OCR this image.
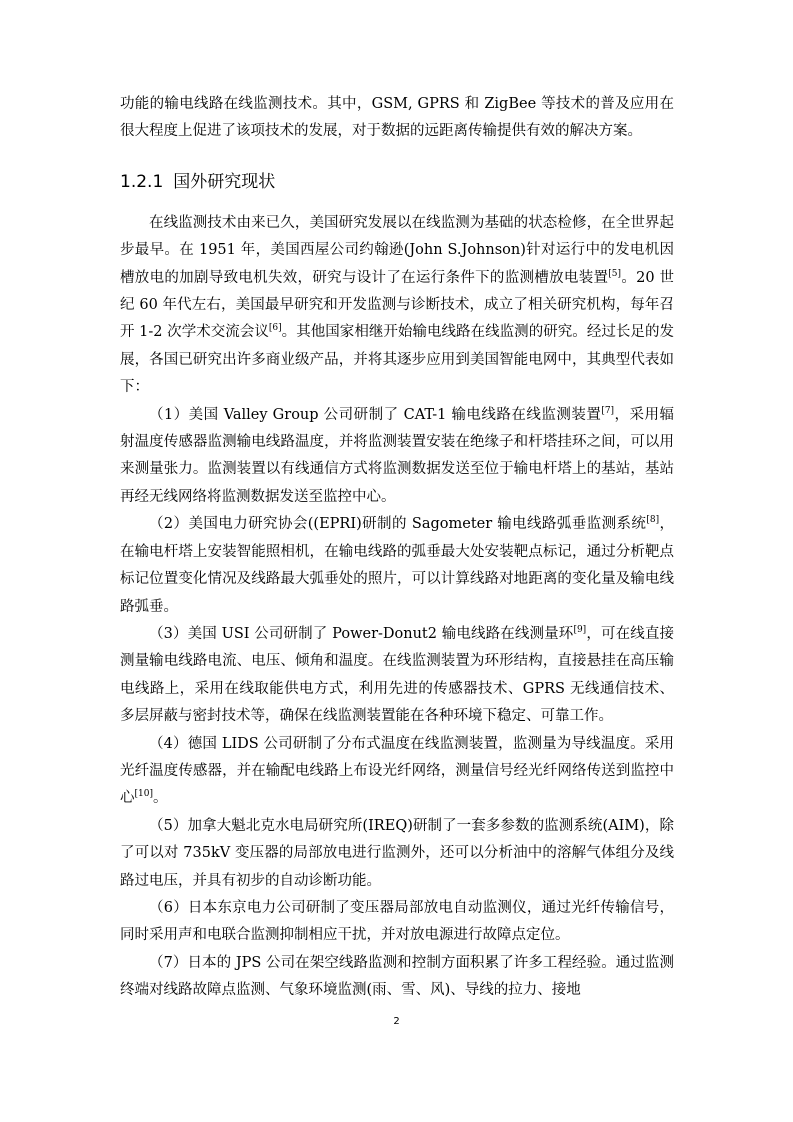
功能的输电线路在线监测技术。其中，GSM, GPRS 和 ZigBee 等技术的普及应用在很大程度上促进了该项技术的发展，对于数据的远距离传输提供有效的解决方案。

1.2.1 国外研究现状

在线监测技术由来已久，美国研究发展以在线监测为基础的状态检修，在全世界起步最早。在 1951 年，美国西屋公司约翰逊(John S.Johnson)针对运行中的发电机因槽放电的加剧导致电机失效，研究与设计了在运行条件下的监测槽放电装置[5]。20 世纪 60 年代左右，美国最早研究和开发监测与诊断技术，成立了相关研究机构，每年召开 1-2 次学术交流会议[6]。其他国家相继开始输电线路在线监测的研究。经过长足的发展，各国已研究出许多商业级产品，并将其逐步应用到美国智能电网中，其典型代表如下：

（1）美国 Valley Group 公司研制了 CAT-1 输电线路在线监测装置[7]，采用辐射温度传感器监测输电线路温度，并将监测装置安装在绝缘子和杆塔挂环之间，可以用来测量张力。监测装置以有线通信方式将监测数据发送至位于输电杆塔上的基站，基站再经无线网络将监测数据发送至监控中心。

（2）美国电力研究协会((EPRI)研制的 Sagometer 输电线路弧垂监测系统[8]，在输电杆塔上安装智能照相机，在输电线路的弧垂最大处安装靶点标记，通过分析靶点标记位置变化情况及线路最大弧垂处的照片，可以计算线路对地距离的变化量及输电线路弧垂。

（3）美国 USI 公司研制了 Power-Donut2 输电线路在线测量环[9]，可在线直接测量输电线路电流、电压、倾角和温度。在线监测装置为环形结构，直接悬挂在高压输电线路上，采用在线取能供电方式，利用先进的传感器技术、GPRS 无线通信技术、多层屏蔽与密封技术等，确保在线监测装置能在各种环境下稳定、可靠工作。

（4）德国 LIDS 公司研制了分布式温度在线监测装置，监测量为导线温度。采用光纤温度传感器，并在输配电线路上布设光纤网络，测量信号经光纤网络传送到监控中心[10]。

（5）加拿大魁北克水电局研究所(IREQ)研制了一套多参数的监测系统(AIM)，除了可以对 735kV 变压器的局部放电进行监测外，还可以分析油中的溶解气体组分及线路过电压，并具有初步的自动诊断功能。

（6）日本东京电力公司研制了变压器局部放电自动监测仪，通过光纤传输信号，同时采用声和电联合监测抑制相应干扰，并对放电源进行故障点定位。

（7）日本的 JPS 公司在架空线路监测和控制方面积累了许多工程经验。通过监测终端对线路故障点监测、气象环境监测(雨、雪、风)、导线的拉力、接地

2
